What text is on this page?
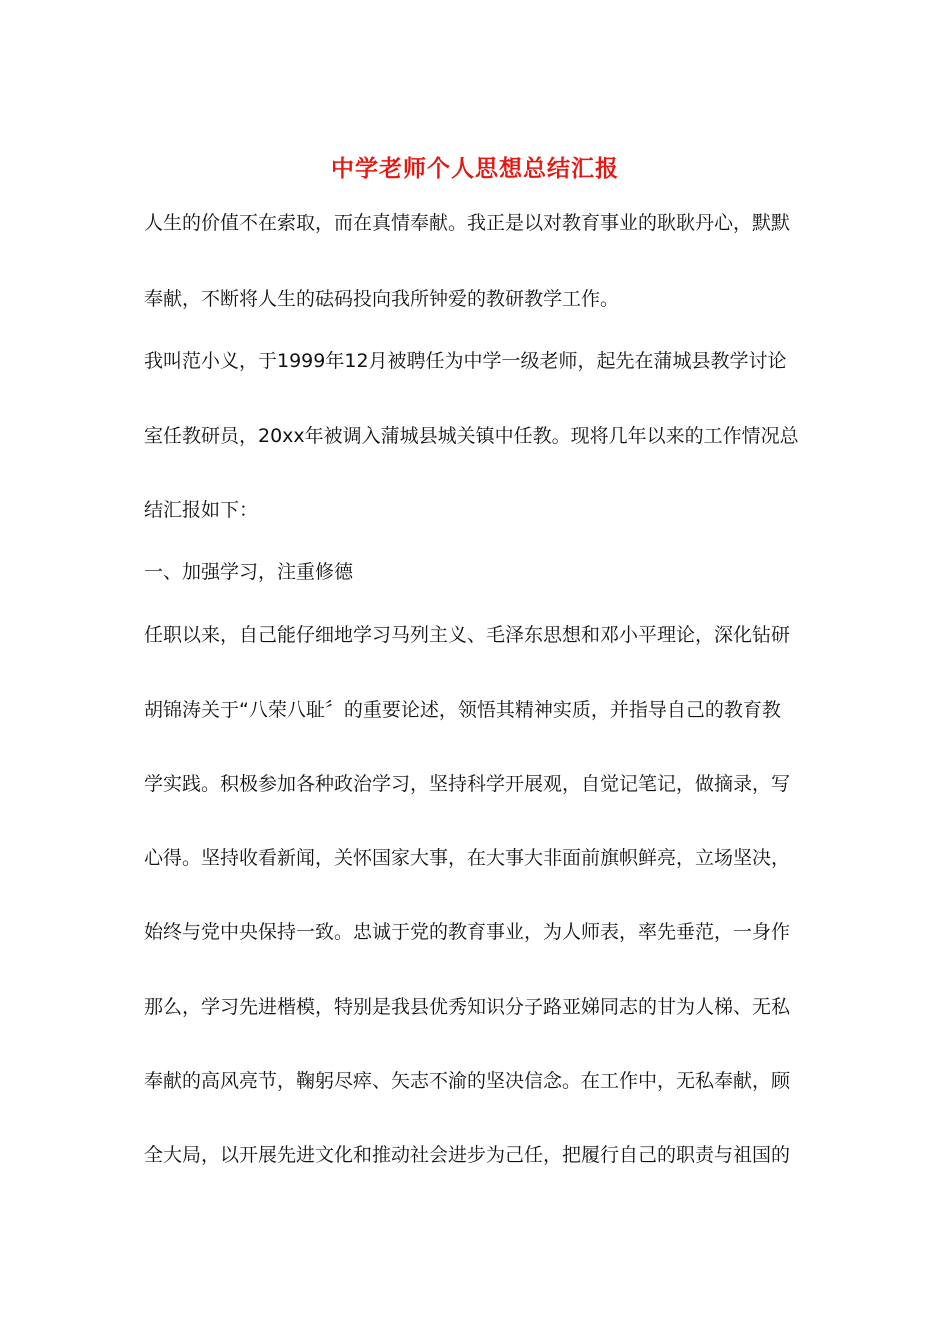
中学老师个人思想总结汇报
人生的价值不在索取，而在真情奉献。我正是以对教育事业的耿耿丹心，默默
奉献，不断将人生的砝码投向我所钟爱的教研教学工作。
我叫范小义，于1999年12月被聘任为中学一级老师，起先在蒲城县教学讨论
室任教研员，20xx年被调入蒲城县城关镇中任教。现将几年以来的工作情况总
结汇报如下：
一、加强学习，注重修德
任职以来，自己能仔细地学习马列主义、毛泽东思想和邓小平理论，深化钻研
胡锦涛关于“八荣八耻〞的重要论述，领悟其精神实质，并指导自己的教育教
学实践。积极参加各种政治学习，坚持科学开展观，自觉记笔记，做摘录，写
心得。坚持收看新闻，关怀国家大事，在大事大非面前旗帜鲜亮，立场坚决，
始终与党中央保持一致。忠诚于党的教育事业，为人师表，率先垂范，一身作
那么，学习先进楷模，特别是我县优秀知识分子路亚娣同志的甘为人梯、无私
奉献的高风亮节，鞠躬尽瘁、矢志不渝的坚决信念。在工作中，无私奉献，顾
全大局，以开展先进文化和推动社会进步为己任，把履行自己的职责与祖国的
